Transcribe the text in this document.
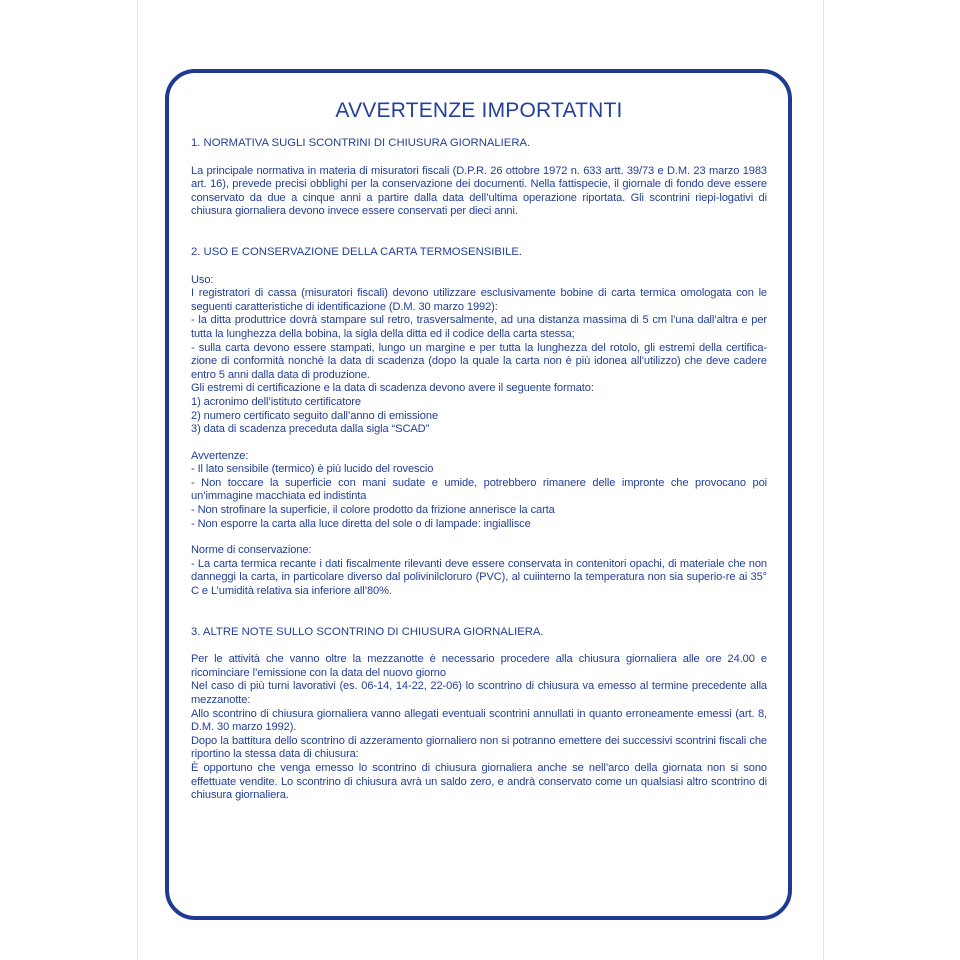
AVVERTENZE IMPORTATNTI

1. NORMATIVA SUGLI SCONTRINI DI CHIUSURA GIORNALIERA.

La principale normativa in materia di misuratori fiscali (D.P.R. 26 ottobre 1972 n. 633 artt. 39/73 e D.M. 23 marzo 1983 art. 16), prevede precisi obblighi per la conservazione dei documenti. Nella fattispecie, il giornale di fondo deve essere conservato da due a cinque anni a partire dalla data dell’ultima operazione riportata. Gli scontrini riepi-logativi di chiusura giornaliera devono invece essere conservati per dieci anni.

2. USO E CONSERVAZIONE DELLA CARTA TERMOSENSIBILE.

Uso:

I registratori di cassa (misuratori fiscali) devono utilizzare esclusivamente bobine di carta termica omologata con le seguenti caratteristiche di identificazione (D.M. 30 marzo 1992):

- la ditta produttrice dovrà stampare sul retro, trasversalmente, ad una distanza massima di 5 cm l’una dall’altra e per tutta la lunghezza della bobina, la sigla della ditta ed il codice della carta stessa;

- sulla carta devono essere stampati, lungo un margine e per tutta la lunghezza del rotolo, gli estremi della certifica-zione di conformità nonchè la data di scadenza (dopo la quale la carta non è più idonea all’utilizzo) che deve cadere entro 5 anni dalla data di produzione.

Gli estremi di certificazione e la data di scadenza devono avere il seguente formato:

1) acronimo dell’istituto certificatore

2) numero certificato seguito dall’anno di emissione

3) data di scadenza preceduta dalla sigla “SCAD”

Avvertenze:

- Il lato sensibile (termico) è più lucido del rovescio

- Non toccare la superficie con mani sudate e umide, potrebbero rimanere delle impronte che provocano poi un’immagine macchiata ed indistinta

- Non strofinare la superficie, il colore prodotto da frizione annerisce la carta

- Non esporre la carta alla luce diretta del sole o di lampade: ingiallisce

Norme di conservazione:

- La carta termica recante i dati fiscalmente rilevanti deve essere conservata in contenitori opachi, di materiale che non danneggi la carta, in particolare diverso dal polivinilcloruro (PVC), al cuiinterno la temperatura non sia superio-re ai 35° C e L’umidità relativa sia inferiore all’80%.

3. ALTRE NOTE SULLO SCONTRINO DI CHIUSURA GIORNALIERA.

Per le attività che vanno oltre la mezzanotte è necessario procedere alla chiusura giornaliera alle ore 24.00 e ricominciare l’emissione con la data del nuovo giorno

Nel caso di più turni lavorativi (es. 06-14, 14-22, 22-06) lo scontrino di chiusura va emesso al termine precedente alla mezzanotte:

Allo scontrino di chiusura giornaliera vanno allegati eventuali scontrini annullati in quanto erroneamente emessi (art. 8, D.M. 30 marzo 1992).

Dopo la battitura dello scontrino di azzeramento giornaliero non si potranno emettere dei successivi scontrini fiscali che riportino la stessa data di chiusura:

È opportuno che venga emesso lo scontrino di chiusura giornaliera anche se nell’arco della giornata non si sono effettuate vendite. Lo scontrino di chiusura avrà un saldo zero, e andrà conservato come un qualsiasi altro scontrino di chiusura giornaliera.
